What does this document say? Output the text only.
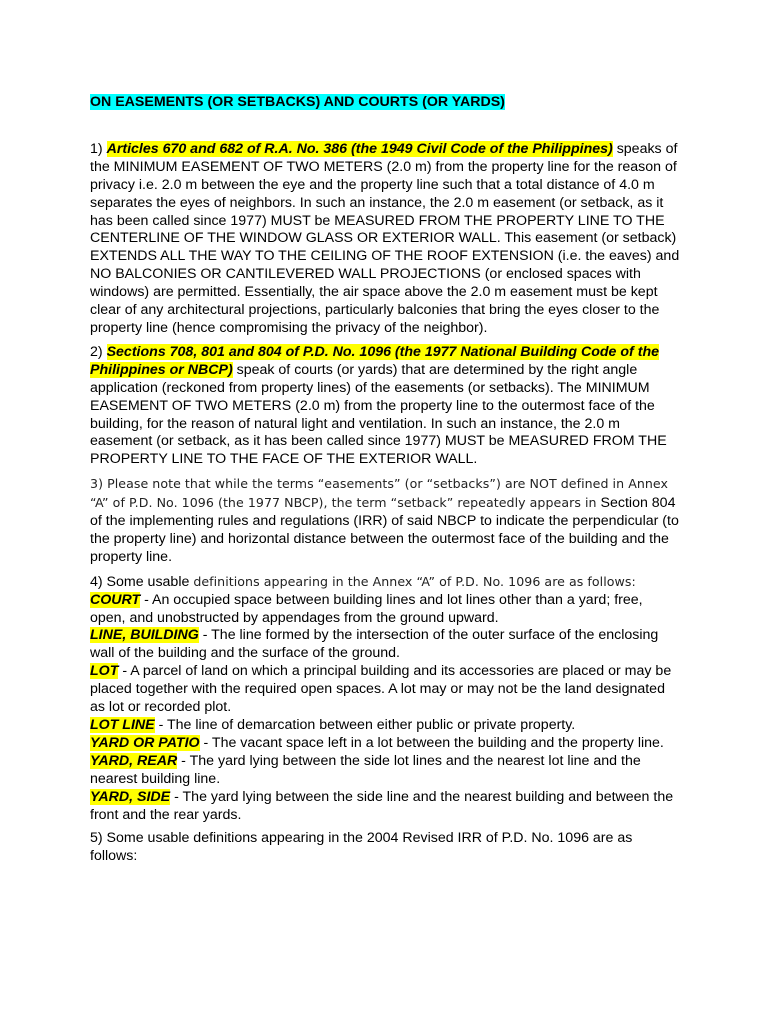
ON EASEMENTS (OR SETBACKS) AND COURTS (OR YARDS)

1) Articles 670 and 682 of R.A. No. 386 (the 1949 Civil Code of the Philippines) speaks of the MINIMUM EASEMENT OF TWO METERS (2.0 m) from the property line for the reason of privacy i.e. 2.0 m between the eye and the property line such that a total distance of 4.0 m separates the eyes of neighbors. In such an instance, the 2.0 m easement (or setback, as it has been called since 1977) MUST be MEASURED FROM THE PROPERTY LINE TO THE CENTERLINE OF THE WINDOW GLASS OR EXTERIOR WALL. This easement (or setback) EXTENDS ALL THE WAY TO THE CEILING OF THE ROOF EXTENSION (i.e. the eaves) and NO BALCONIES OR CANTILEVERED WALL PROJECTIONS (or enclosed spaces with windows) are permitted. Essentially, the air space above the 2.0 m easement must be kept clear of any architectural projections, particularly balconies that bring the eyes closer to the property line (hence compromising the privacy of the neighbor).

2) Sections 708, 801 and 804 of P.D. No. 1096 (the 1977 National Building Code of the Philippines or NBCP) speak of courts (or yards) that are determined by the right angle application (reckoned from property lines) of the easements (or setbacks). The MINIMUM EASEMENT OF TWO METERS (2.0 m) from the property line to the outermost face of the building, for the reason of natural light and ventilation. In such an instance, the 2.0 m easement (or setback, as it has been called since 1977) MUST be MEASURED FROM THE PROPERTY LINE TO THE FACE OF THE EXTERIOR WALL.

3) Please note that while the terms “easements” (or “setbacks”) are NOT defined in Annex “A” of P.D. No. 1096 (the 1977 NBCP), the term “setback” repeatedly appears in Section 804 of the implementing rules and regulations (IRR) of said NBCP to indicate the perpendicular (to the property line) and horizontal distance between the outermost face of the building and the property line.

4) Some usable definitions appearing in the Annex “A” of P.D. No. 1096 are as follows:
COURT - An occupied space between building lines and lot lines other than a yard; free, open, and unobstructed by appendages from the ground upward.
LINE, BUILDING - The line formed by the intersection of the outer surface of the enclosing wall of the building and the surface of the ground.
LOT - A parcel of land on which a principal building and its accessories are placed or may be placed together with the required open spaces. A lot may or may not be the land designated as lot or recorded plot.
LOT LINE - The line of demarcation between either public or private property.
YARD OR PATIO - The vacant space left in a lot between the building and the property line.
YARD, REAR - The yard lying between the side lot lines and the nearest lot line and the nearest building line.
YARD, SIDE - The yard lying between the side line and the nearest building and between the front and the rear yards.

5) Some usable definitions appearing in the 2004 Revised IRR of P.D. No. 1096 are as follows:
